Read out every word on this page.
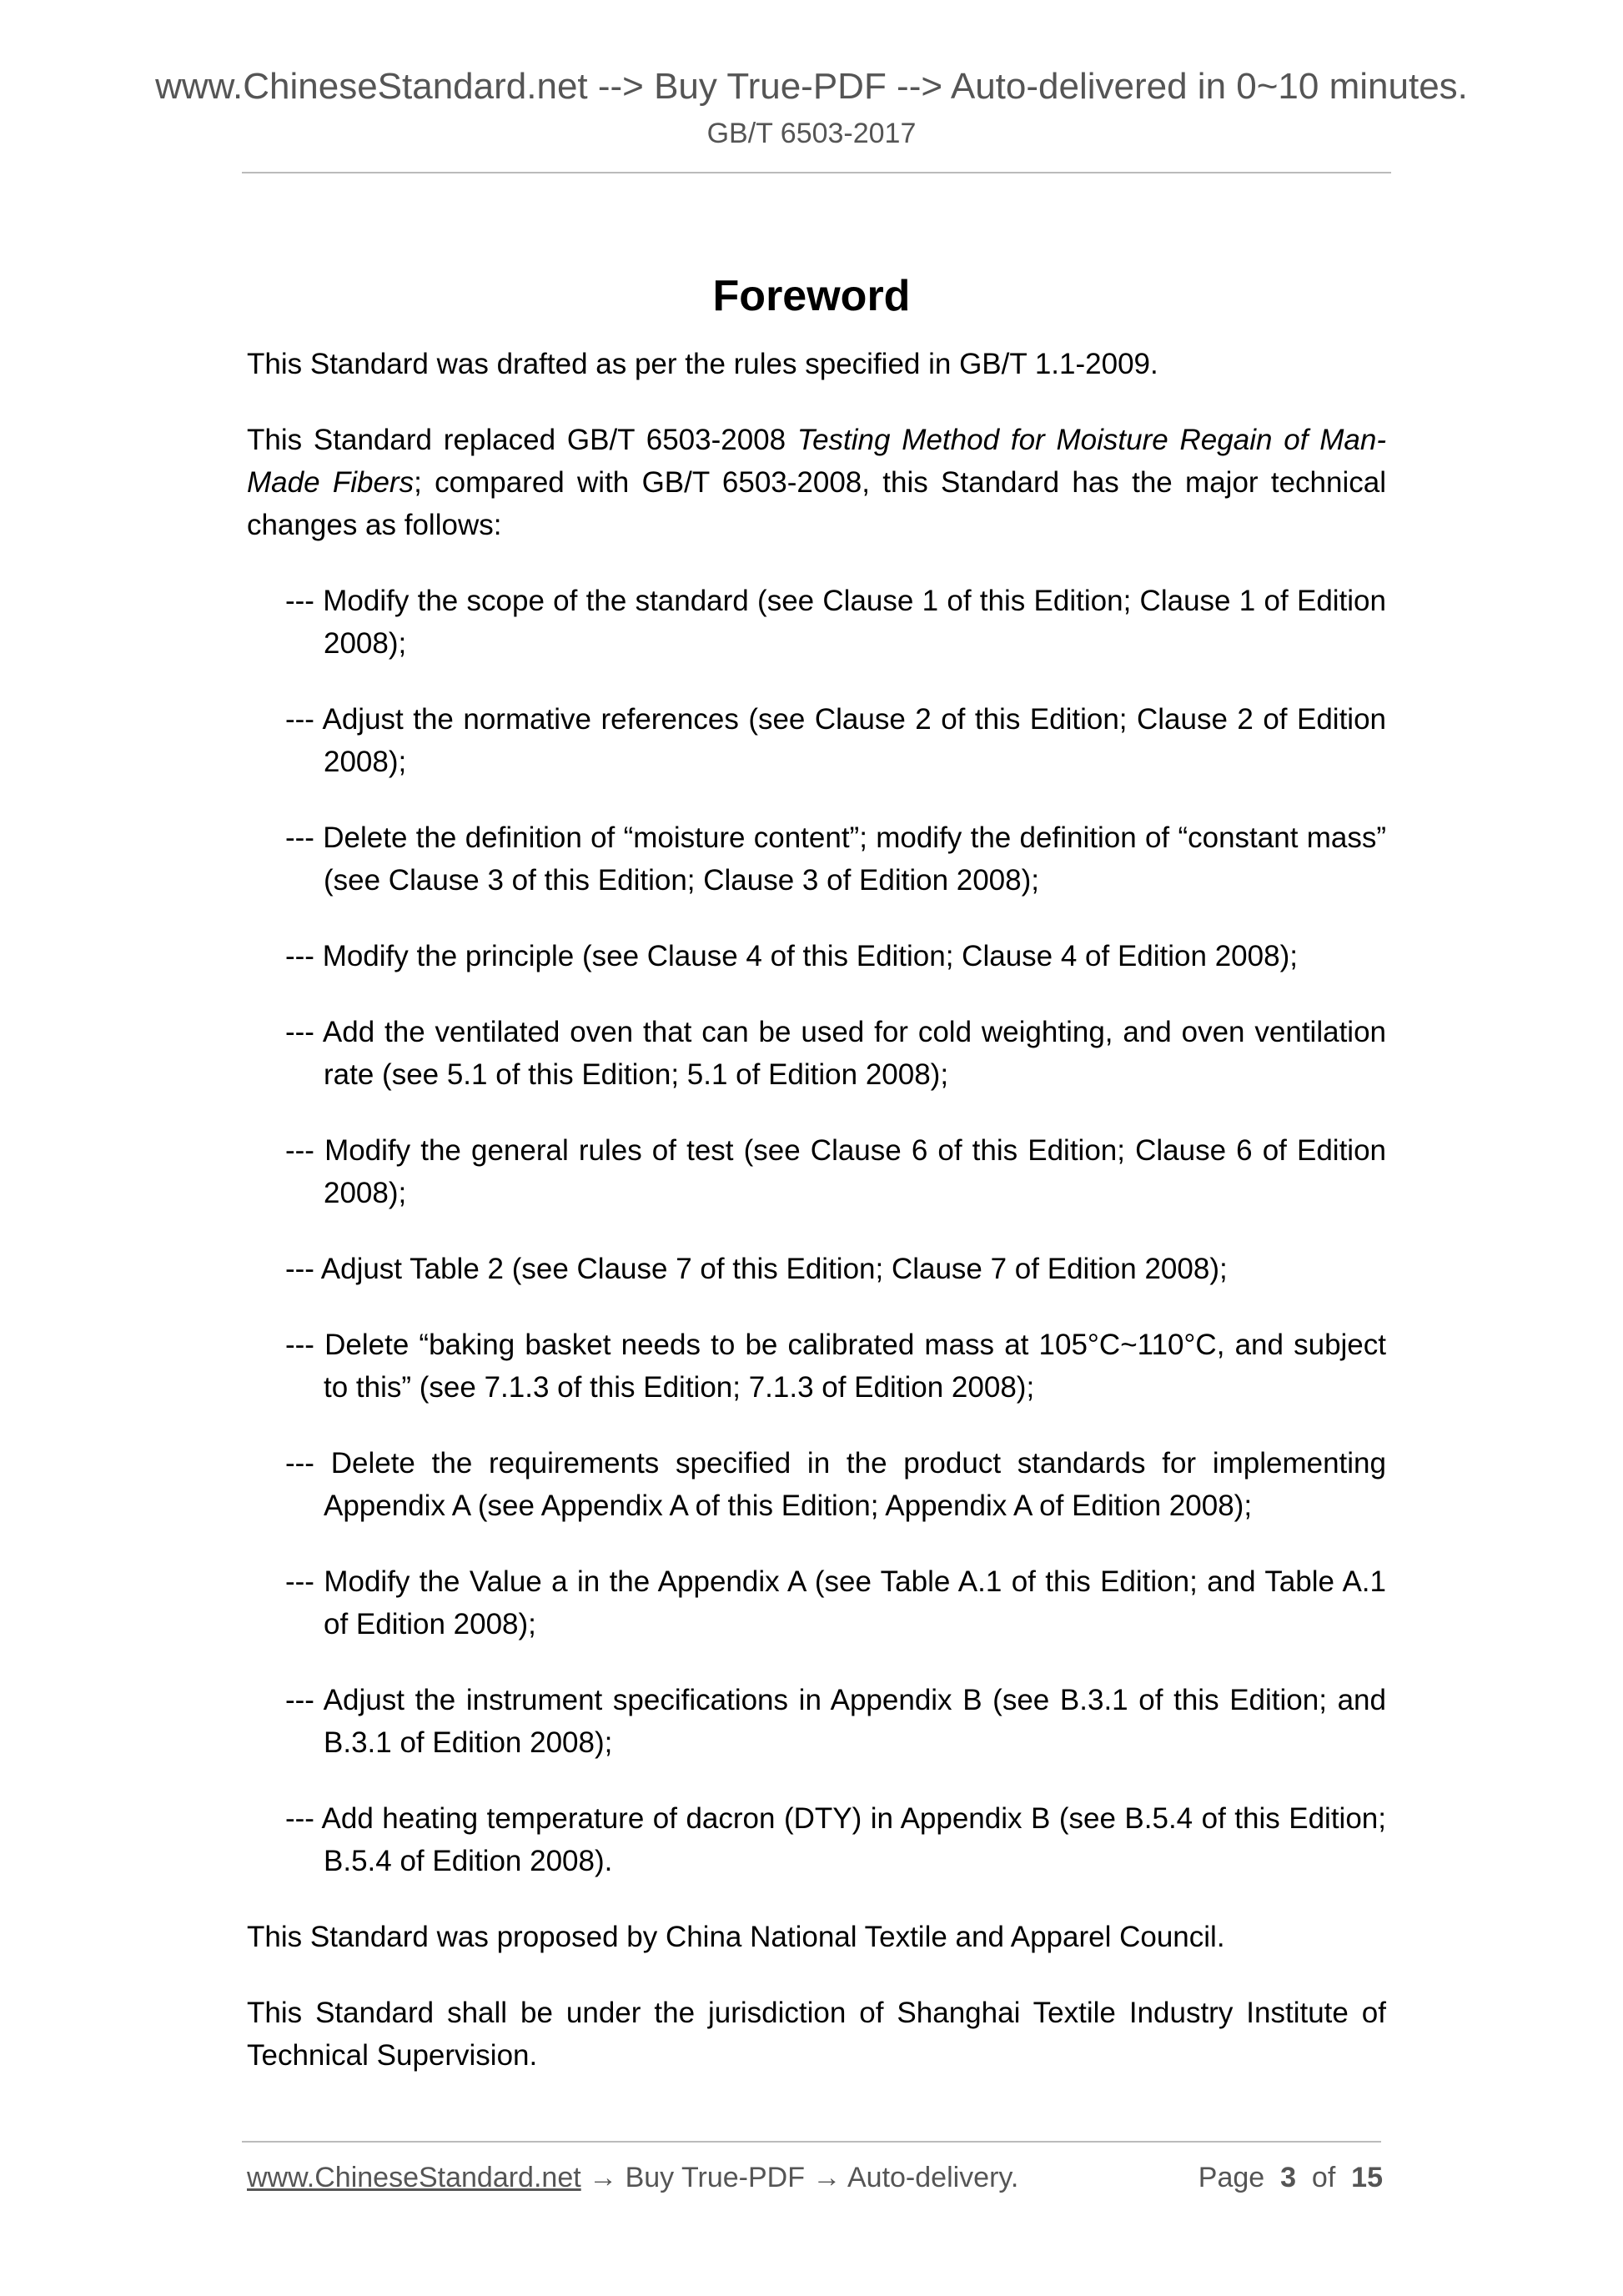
www.ChineseStandard.net --> Buy True-PDF --> Auto-delivered in 0~10 minutes.
GB/T 6503-2017
Foreword

This Standard was drafted as per the rules specified in GB/T 1.1-2009.

This Standard replaced GB/T 6503-2008 Testing Method for Moisture Regain of Man-Made Fibers; compared with GB/T 6503-2008, this Standard has the major technical changes as follows:

--- Modify the scope of the standard (see Clause 1 of this Edition; Clause 1 of Edition 2008);
--- Adjust the normative references (see Clause 2 of this Edition; Clause 2 of Edition 2008);
--- Delete the definition of “moisture content”; modify the definition of “constant mass” (see Clause 3 of this Edition; Clause 3 of Edition 2008);
--- Modify the principle (see Clause 4 of this Edition; Clause 4 of Edition 2008);
--- Add the ventilated oven that can be used for cold weighting, and oven ventilation rate (see 5.1 of this Edition; 5.1 of Edition 2008);
--- Modify the general rules of test (see Clause 6 of this Edition; Clause 6 of Edition 2008);
--- Adjust Table 2 (see Clause 7 of this Edition; Clause 7 of Edition 2008);
--- Delete “baking basket needs to be calibrated mass at 105°C~110°C, and subject to this” (see 7.1.3 of this Edition; 7.1.3 of Edition 2008);
--- Delete the requirements specified in the product standards for implementing Appendix A (see Appendix A of this Edition; Appendix A of Edition 2008);
--- Modify the Value a in the Appendix A (see Table A.1 of this Edition; and Table A.1 of Edition 2008);
--- Adjust the instrument specifications in Appendix B (see B.3.1 of this Edition; and B.3.1 of Edition 2008);
--- Add heating temperature of dacron (DTY) in Appendix B (see B.5.4 of this Edition; B.5.4 of Edition 2008).

This Standard was proposed by China National Textile and Apparel Council.

This Standard shall be under the jurisdiction of Shanghai Textile Industry Institute of Technical Supervision.

www.ChineseStandard.net → Buy True-PDF → Auto-delivery.	Page 3 of 15
